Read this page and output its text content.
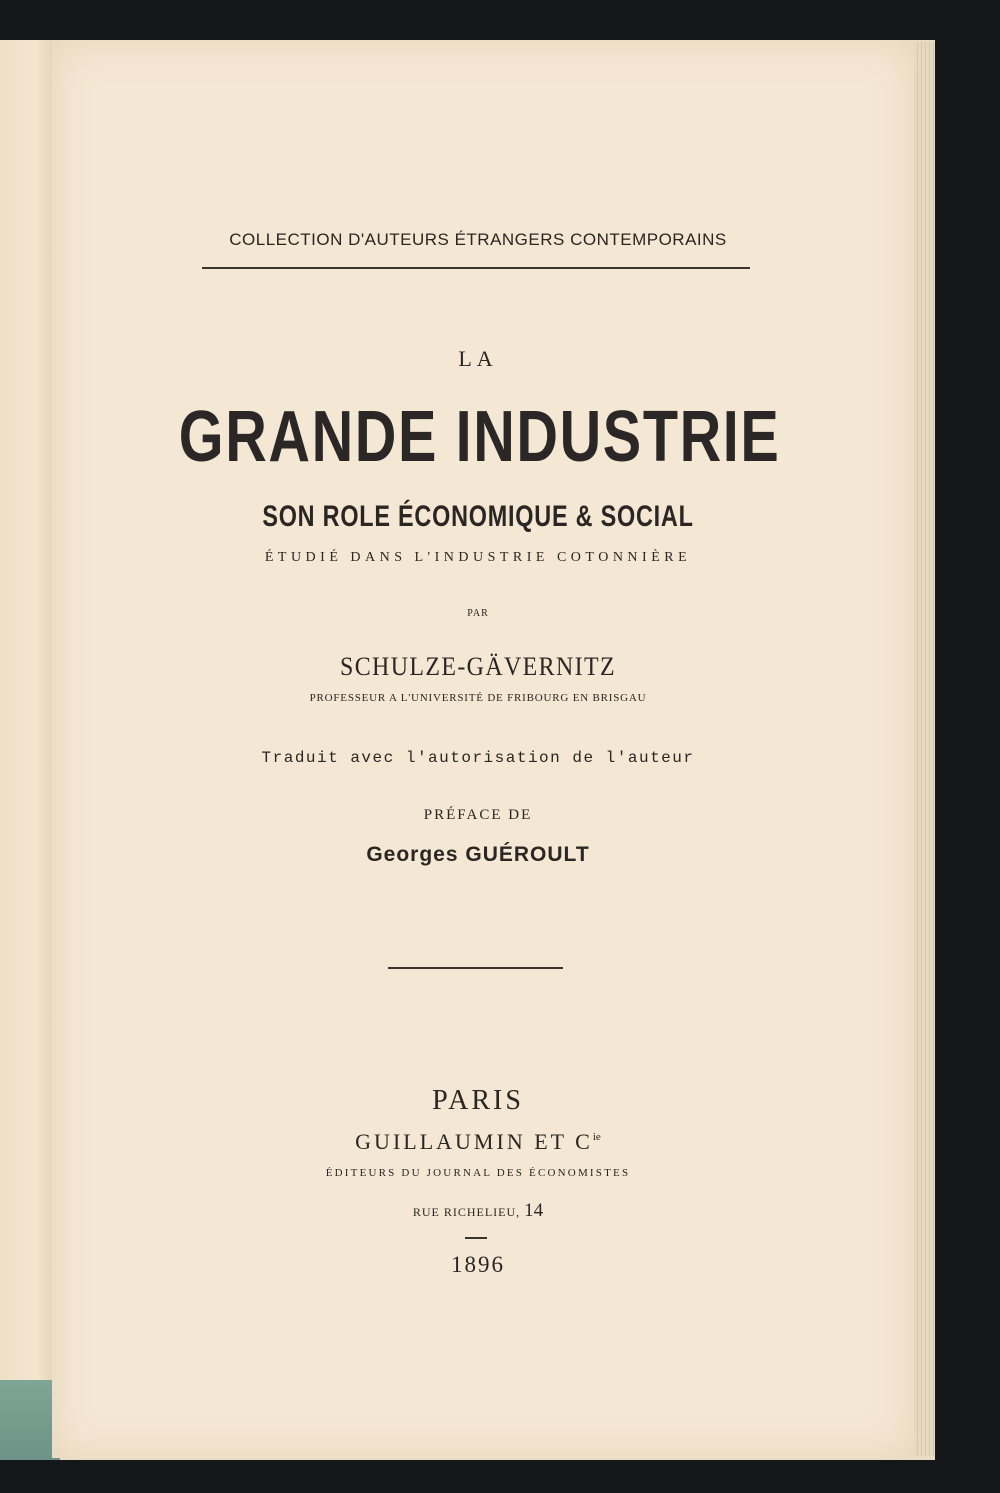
COLLECTION D'AUTEURS ÉTRANGERS CONTEMPORAINS
LA
GRANDE INDUSTRIE
SON ROLE ÉCONOMIQUE & SOCIAL
ÉTUDIÉ DANS L'INDUSTRIE COTONNIÈRE
PAR
SCHULZE-GÄVERNITZ
PROFESSEUR A L'UNIVERSITÉ DE FRIBOURG EN BRISGAU
Traduit avec l'autorisation de l'auteur
PRÉFACE DE
Georges GUÉROULT
PARIS
GUILLAUMIN ET $C^{ie}$
ÉDITEURS DU JOURNAL DES ÉCONOMISTES
RUE RICHELIEU, 14
1896
